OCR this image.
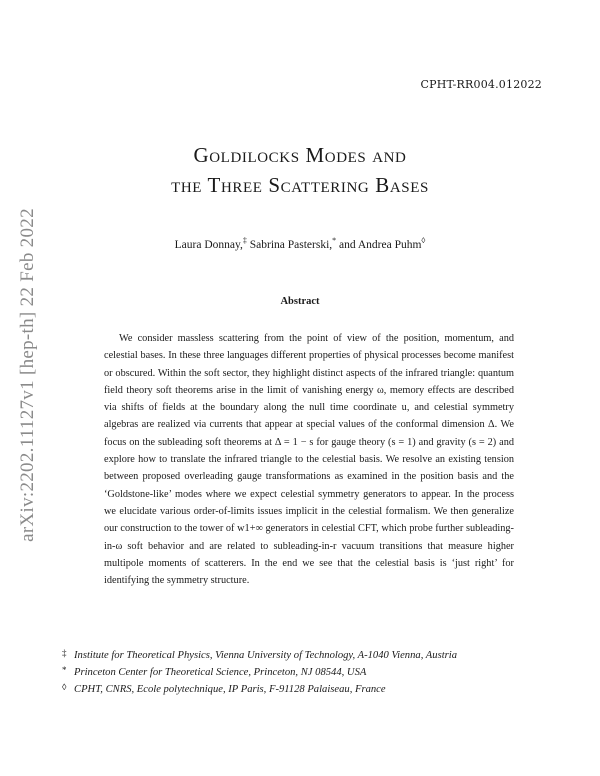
CPHT-RR004.012022
arXiv:2202.11127v1 [hep-th] 22 Feb 2022
Goldilocks Modes and
the Three Scattering Bases
Laura Donnay,‡ Sabrina Pasterski,* and Andrea Puhm◊
Abstract
We consider massless scattering from the point of view of the position, momentum, and celestial bases. In these three languages different properties of physical processes become manifest or obscured. Within the soft sector, they highlight distinct aspects of the infrared triangle: quantum field theory soft theorems arise in the limit of vanishing energy ω, memory effects are described via shifts of fields at the boundary along the null time coordinate u, and celestial symmetry algebras are realized via currents that appear at special values of the conformal dimension Δ. We focus on the subleading soft theorems at Δ = 1 − s for gauge theory (s = 1) and gravity (s = 2) and explore how to translate the infrared triangle to the celestial basis. We resolve an existing tension between proposed overleading gauge transformations as examined in the position basis and the ‘Goldstone-like’ modes where we expect celestial symmetry generators to appear. In the process we elucidate various order-of-limits issues implicit in the celestial formalism. We then generalize our construction to the tower of w1+∞ generators in celestial CFT, which probe further subleading-in-ω soft behavior and are related to subleading-in-r vacuum transitions that measure higher multipole moments of scatterers. In the end we see that the celestial basis is ‘just right’ for identifying the symmetry structure.
‡ Institute for Theoretical Physics, Vienna University of Technology, A-1040 Vienna, Austria
* Princeton Center for Theoretical Science, Princeton, NJ 08544, USA
◊ CPHT, CNRS, Ecole polytechnique, IP Paris, F-91128 Palaiseau, France
